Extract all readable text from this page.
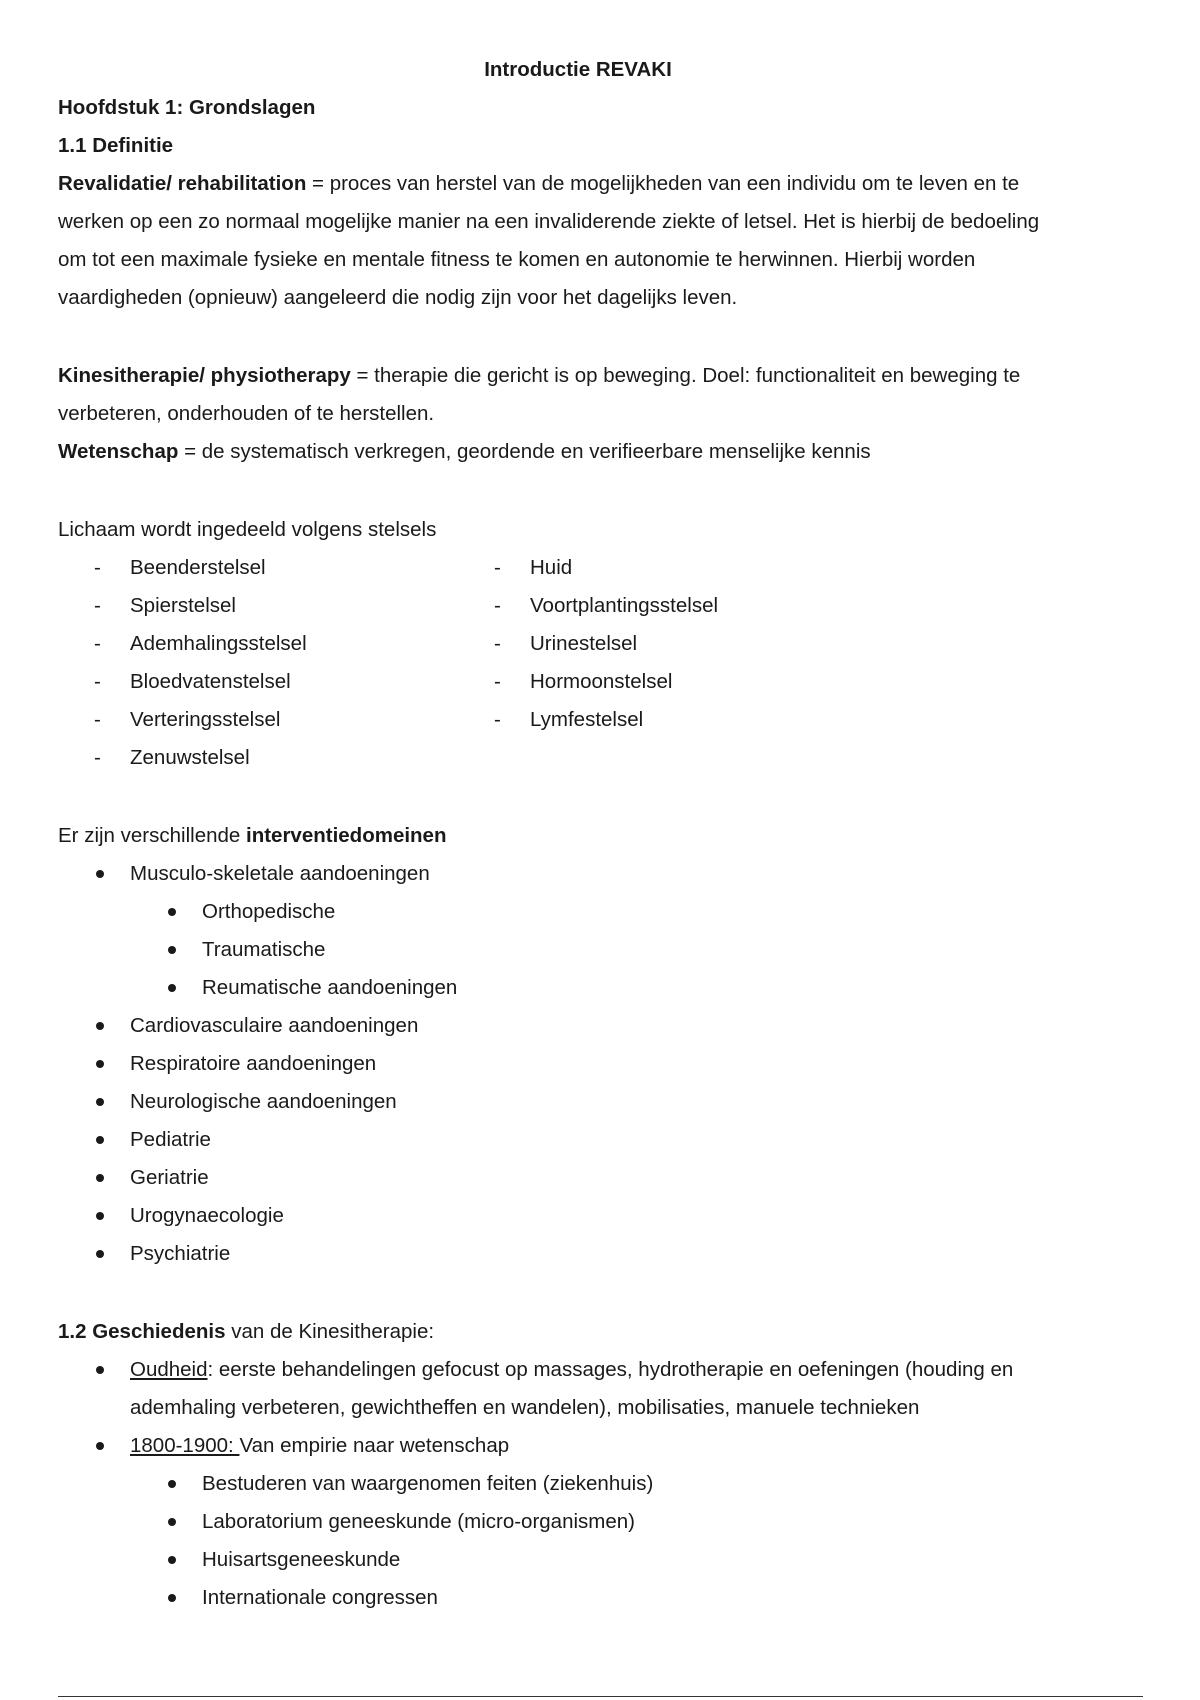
Introductie REVAKI
Hoofdstuk 1: Grondslagen
1.1 Definitie
Revalidatie/ rehabilitation = proces van herstel van de mogelijkheden van een individu om te leven en te
werken op een zo normaal mogelijke manier na een invaliderende ziekte of letsel. Het is hierbij de bedoeling
om tot een maximale fysieke en mentale fitness te komen en autonomie te herwinnen. Hierbij worden
vaardigheden (opnieuw) aangeleerd die nodig zijn voor het dagelijks leven.
Kinesitherapie/ physiotherapy = therapie die gericht is op beweging. Doel: functionaliteit en beweging te
verbeteren, onderhouden of te herstellen.
Wetenschap = de systematisch verkregen, geordende en verifieerbare menselijke kennis
Lichaam wordt ingedeeld volgens stelsels
-	Beenderstelsel
-	Spierstelsel
-	Ademhalingsstelsel
-	Bloedvatenstelsel
-	Verteringsstelsel
-	Zenuwstelsel
-	Huid
-	Voortplantingsstelsel
-	Urinestelsel
-	Hormoonstelsel
-	Lymfestelsel
Er zijn verschillende interventiedomeinen
Musculo-skeletale aandoeningen
Orthopedische
Traumatische
Reumatische aandoeningen
Cardiovasculaire aandoeningen
Respiratoire aandoeningen
Neurologische aandoeningen
Pediatrie
Geriatrie
Urogynaecologie
Psychiatrie
1.2 Geschiedenis van de Kinesitherapie:
Oudheid: eerste behandelingen gefocust op massages, hydrotherapie en oefeningen (houding en
ademhaling verbeteren, gewichtheffen en wandelen), mobilisaties, manuele technieken
1800-1900: Van empirie naar wetenschap
Bestuderen van waargenomen feiten (ziekenhuis)
Laboratorium geneeskunde (micro-organismen)
Huisartsgeneeskunde
Internationale congressen
